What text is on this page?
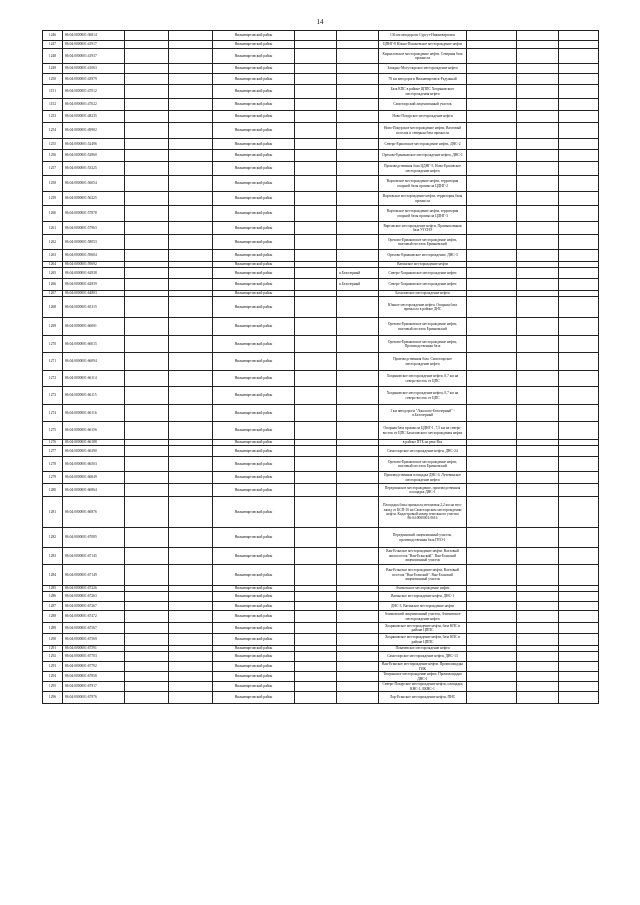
14
1246	86:04:0000001:36814			Нижневартовский район			136 км автодороги Сургут-Нижневартовск			
1247	86:04:0000001:41917			Нижневартовский район			ЦПНГ-8 Южно-Покачевское месторождение нефти			
1248	86:04:0000001:41937			Нижневартовский район			Кирилловское месторождение нефти. Северная база промысла			
1249	86:04:0000001:41063			Нижневартовский район			Западно-Могутлорское месторождение нефти			
1250	86:04:0000001:43979			Нижневартовский район			78 км автодороги Нижневартовск-Радужный			
1151	86:04:0000001:47012			Нижневартовский район			База КПС в районе ЦППС Хохряковского месторождения нефти			
1152	86:04:0000001:47022			Нижневартовский район			Самотлорский лицензионный участок			
1253	86:04:0000001:48235			Нижневартовский район			Ново-Покурское месторождение нефти			
1254	86:04:0000001:49902			Нижневартовский район			Ново-Покурское месторождение нефти, Вахтовый поселок и северная база промысла			
1255	86:04:0000001:52496			Нижневартовский район			Северо-Ершовское месторождение нефти, ДНС-2			
1256	86:04:0000001:52860			Нижневартовский район			Орехово-Ермаковское месторождение нефти, ДНС-1			
1257	86:04:0000001:53325			Нижневартовский район			Производственная база ЦДНГ-5, Ново-Ершовское месторождение нефти			
1258	86:04:0000001:56054			Нижневартовский район			Вартовское месторождение нефти, территория опорной базы промысла ЦДНГ-2			
1259	86:04:0000001:56225			Нижневартовский район			Вартовское месторождение нефти, территория базы промысла			
1260	86:04:0000001:57878			Нижневартовский район			Вартовское месторождение нефти, территория опорной базы промысла ЦДНГ-3			
1261	86:04:0000001:57963			Нижневартовский район			Вартовское месторождение нефти, Промышленная база УТСНЭ			
1262	86:04:0000001:58053			Нижневартовский район			Орехово-Ермаковское месторождение нефти, вахтовый поселок Ермаковский			
1263	86:04:0000001:59604			Нижневартовский район			Орехово-Ермаковское месторождение, ДНС-3			
1264	86:04:0000001:59692			Нижневартовский район			Ватинское месторождение нефти			
1265	86:04:0000001:62838			Нижневартовский район		п.Белозерный	Северо-Хохряковское месторождение нефти			
1266	86:04:0000001:62839			Нижневартовский район		п.Белозерный	Северо-Хохряковское месторождение нефти			
1267	86:04:0000001:64803			Нижневартовский район			Бахиловское месторождение нефти			
1268	86:04:0000001:65315			Нижневартовский район			Южное месторождение нефти. Опорная база промысла в районе ДНС			
1269	86:04:0000001:66001			Нижневартовский район			Орехово-Ермаковское месторождение нефти, вахтовый поселок Ермаковский			
1270	86:04:0000001:66015			Нижневартовский район			Орехово-Ермаковское месторождение нефти, Производственная база			
1271	86:04:0000001:66094			Нижневартовский район			Производственная база. Самотлорское месторождение нефти			
1272	86:04:0000001:66114			Нижневартовский район			Хохряковское месторождение нефти, 0,7 км на северо-восток от ЦПС			
1273	86:04:0000001:66115			Нижневартовский район			Хохряковское месторождение нефти, 0,7 км на северо-восток от ЦПС			
1274	86:04:0000001:66116			Нижневартовский район			1 км автодороги "Локосово-Белозерный" - п.Белозерный			
1275	86:04:0000001:66156			Нижневартовский район			Опорная база промысла ЦДНГ-1, 7,5 км на северо-восток от ЦПС Бахиловского месторождения нефти			
1276	86:04:0000001:66188			Нижневартовский район			в районе ПТБ на реке Вах			
1277	86:04:0000001:66390			Нижневартовский район			Самотлорское месторождение нефти, ДНС-24			
1278	86:04:0000001:66503			Нижневартовский район			Орехово-Ермаковское месторождение нефти, вахтовый поселок Ермаковский			
1279	86:04:0000001:66849			Нижневартовский район			Производственная площадка ДНС-4, Лучевинское месторождение нефти			
1280	86:04:0000001:66864			Нижневартовский район			Передвинское месторождение, производственная площадка ДНС-1			
1281	86:04:0000001:66876			Нижневартовский район			Площадка базы промысла метановая 2,2 км на юго-запад от КСП-10 на Самотлорском месторождении нефти. Кадастровый номер земельного участка 86:04:0000001:0616			
1282	86:04:0000001:67085			Нижневартовский район			Передвинский лицензионный участок, производственная база ПТО-1			
1283	86:04:0000001:67145			Нижневартовский район			Ван-Еганское месторождение нефти. Вахтовый жилпоселок "Ван-Еганский". Ван-Еганский лицензионный участок			
1284	86:04:0000001:67149			Нижневартовский район			Ван-Еганское месторождение нефти, Вахтовый поселок "Ван-Еганский". Ван-Еганский лицензионный участок			
1285	86:04:0000001:67226			Нижневартовский район			Ачимовское месторождение нефти			
1286	86:04:0000001:67263			Нижневартовский район			Ватинское месторождение нефти, ДНС-1			
1287	86:04:0000001:67267			Нижневартовский район			ДНС-3, Ватинское месторождение нефти			
1288	86:04:0000001:67472			Нижневартовский район			Ачимовский лицензионный участок, Ачимовское месторождение нефти			
1289	86:04:0000001:67567			Нижневартовский район			Хохряковское месторождение нефти, база КПС в районе ЦППС			
1290	86:04:0000001:67569			Нижневартовский район			Хохряковское месторождение нефти, база КПС в районе ЦППС			
1291	86:04:0000001:67591			Нижневартовский район			Покачевское месторождение нефти			
1292	86:04:0000001:67703			Нижневартовский район			Самотлорское месторождение нефти, ДНС-13			
1293	86:04:0000001:67792			Нижневартовский район			Ван-Еганское месторождение нефти. Промплощадка ПЗК			
1294	86:04:0000001:67858			Нижневартовский район			Тюгрянское месторождение нефти. Промплощадка ДНС-1			
1295	86:04:0000001:67917			Нижневартовский район			Северо-Покурское месторождение нефти, площадка КНС-1, БКНС-1			
1296	86:04:0000001:67976			Нижневартовский район			Лор-Еганское месторождение нефти, ПНС			
